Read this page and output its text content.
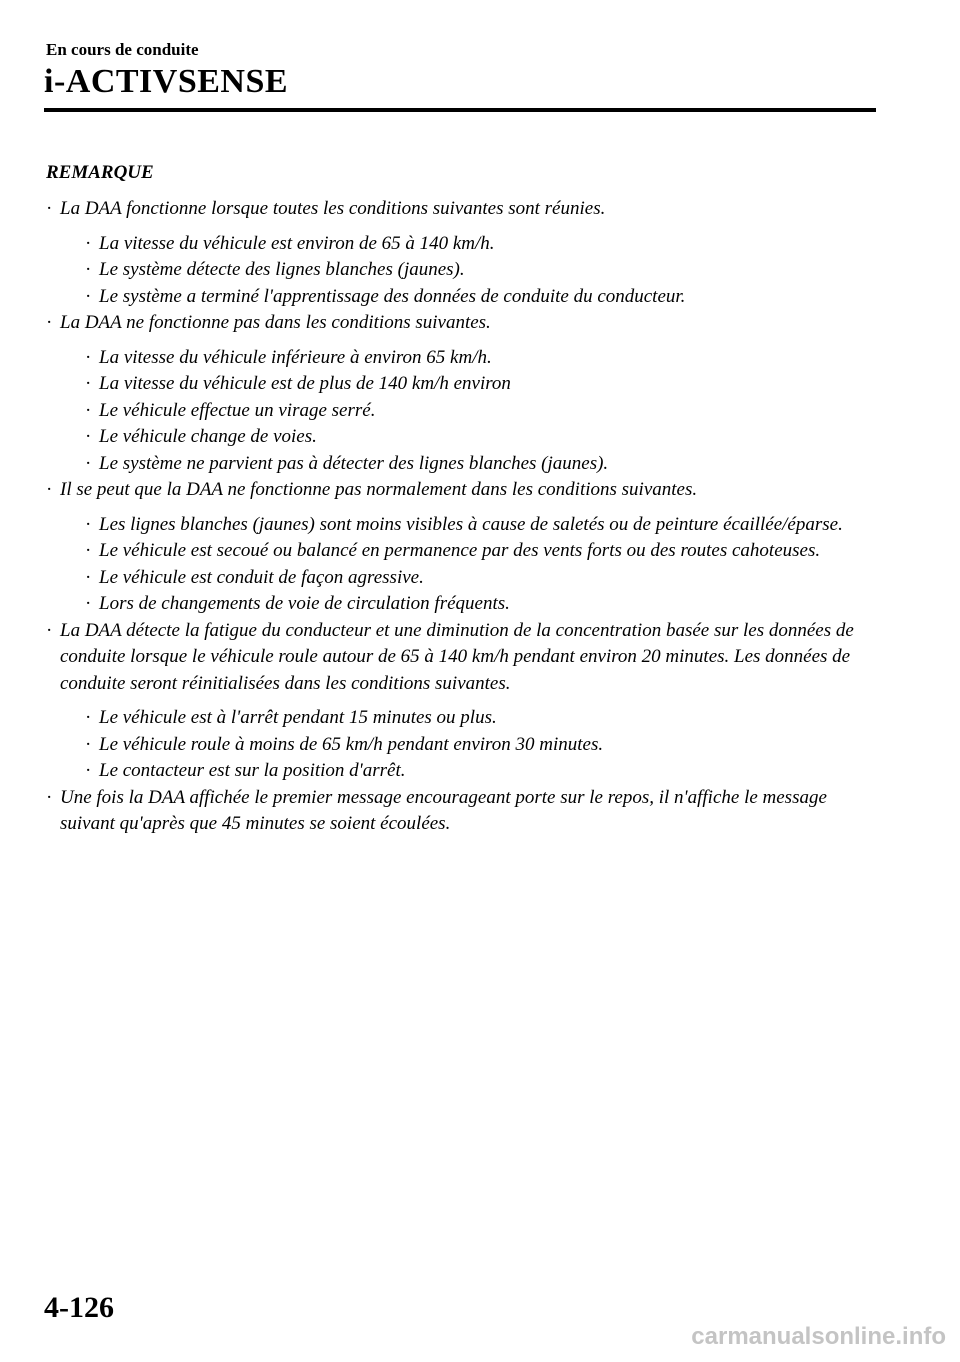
En cours de conduite
i-ACTIVSENSE
REMARQUE
· La DAA fonctionne lorsque toutes les conditions suivantes sont réunies.
· La vitesse du véhicule est environ de 65 à 140 km/h.
· Le système détecte des lignes blanches (jaunes).
· Le système a terminé l'apprentissage des données de conduite du conducteur.
· La DAA ne fonctionne pas dans les conditions suivantes.
· La vitesse du véhicule inférieure à environ 65 km/h.
· La vitesse du véhicule est de plus de 140 km/h environ
· Le véhicule effectue un virage serré.
· Le véhicule change de voies.
· Le système ne parvient pas à détecter des lignes blanches (jaunes).
· Il se peut que la DAA ne fonctionne pas normalement dans les conditions suivantes.
· Les lignes blanches (jaunes) sont moins visibles à cause de saletés ou de peinture écaillée/éparse.
· Le véhicule est secoué ou balancé en permanence par des vents forts ou des routes cahoteuses.
· Le véhicule est conduit de façon agressive.
· Lors de changements de voie de circulation fréquents.
· La DAA détecte la fatigue du conducteur et une diminution de la concentration basée sur les données de conduite lorsque le véhicule roule autour de 65 à 140 km/h pendant environ 20 minutes. Les données de conduite seront réinitialisées dans les conditions suivantes.
· Le véhicule est à l'arrêt pendant 15 minutes ou plus.
· Le véhicule roule à moins de 65 km/h pendant environ 30 minutes.
· Le contacteur est sur la position d'arrêt.
· Une fois la DAA affichée le premier message encourageant porte sur le repos, il n'affiche le message suivant qu'après que 45 minutes se soient écoulées.
4-126
carmanualsonline.info
